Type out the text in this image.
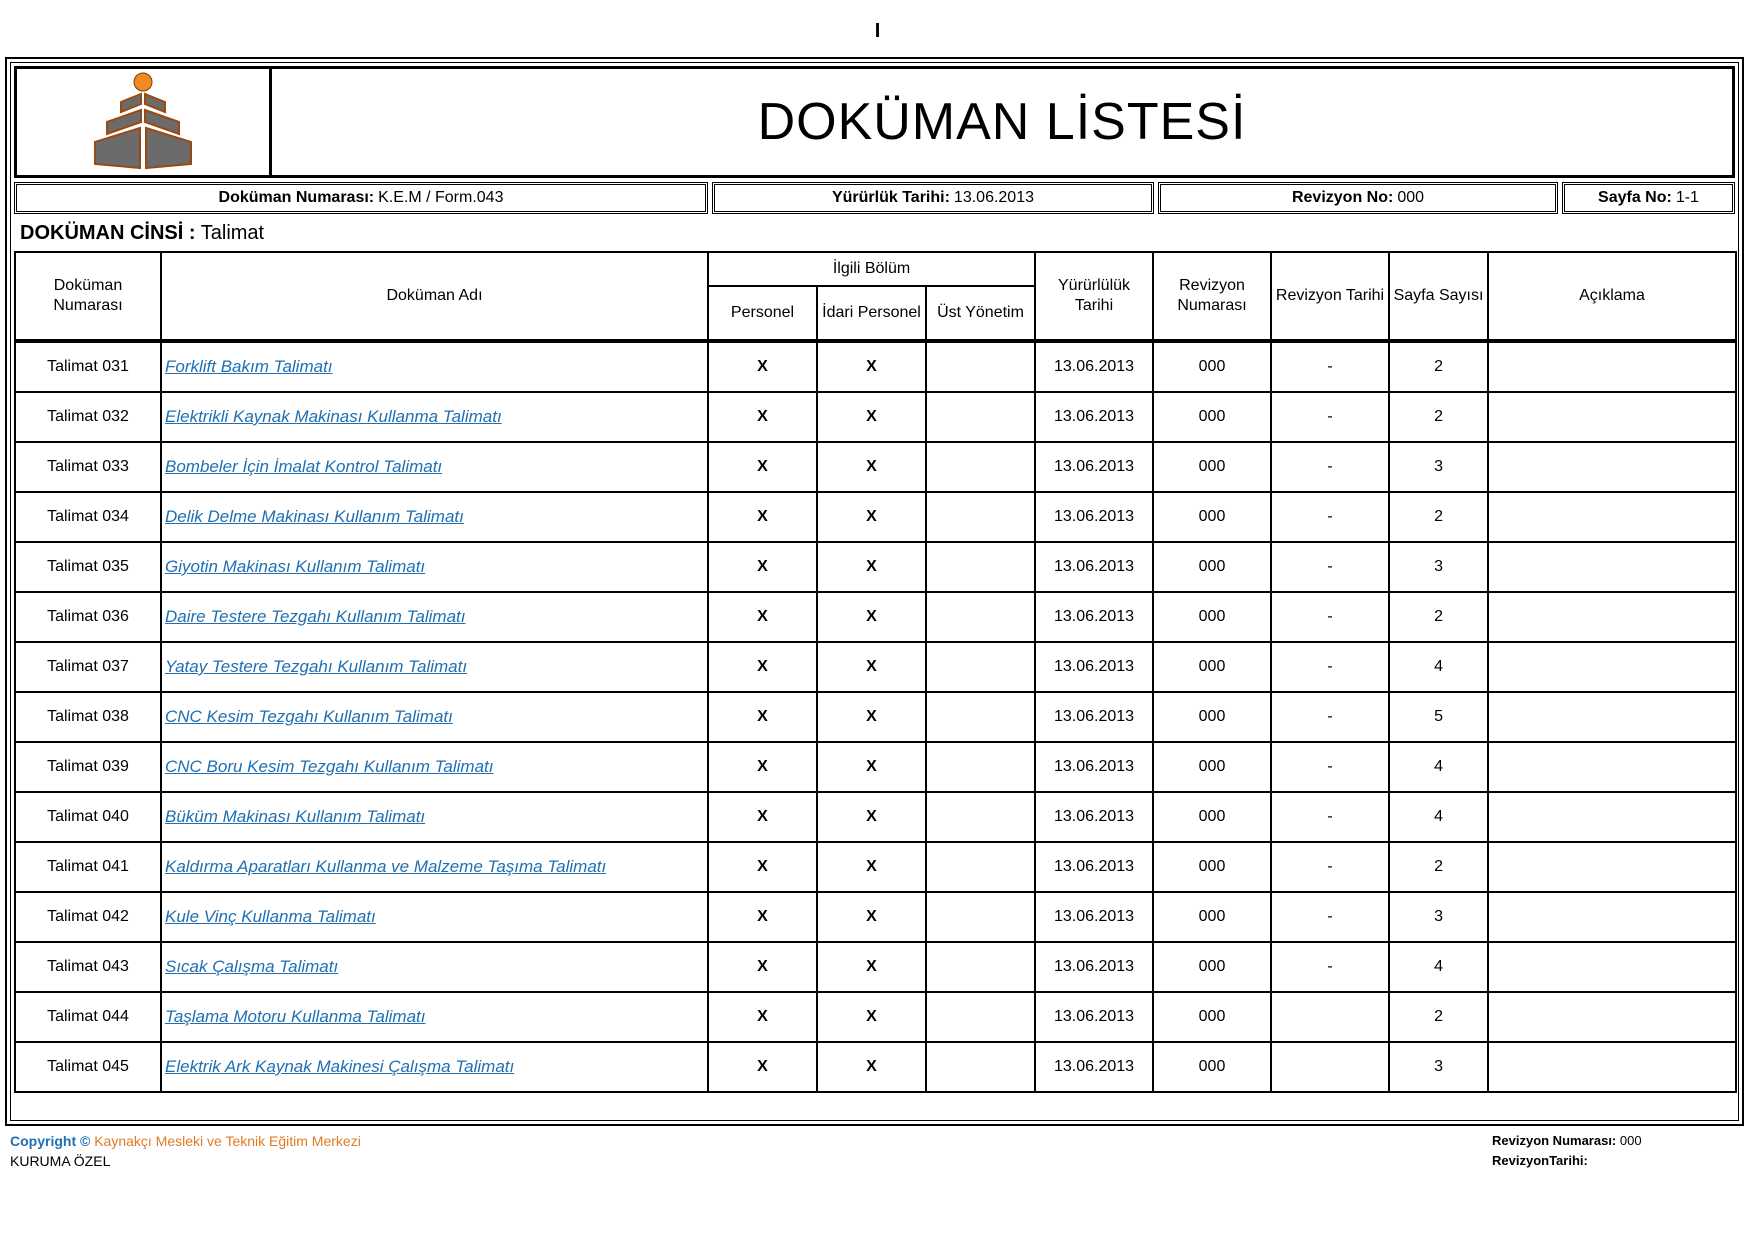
I
DOKÜMAN LİSTESİ
Doküman Numarası: K.E.M / Form.043	Yürürlük Tarihi: 13.06.2013	Revizyon No: 000	Sayfa No: 1-1
DOKÜMAN CİNSİ : Talimat
Doküman Numarası	Doküman Adı	İlgili Bölüm			Yürürlülük Tarihi	Revizyon Numarası	Revizyon Tarihi	Sayfa Sayısı	Açıklama
		Personel	İdari Personel	Üst Yönetim					
Talimat 031	Forklift Bakım Talimatı	X	X		13.06.2013	000	-	2	
Talimat 032	Elektrikli Kaynak Makinası Kullanma Talimatı	X	X		13.06.2013	000	-	2	
Talimat 033	Bombeler İçin İmalat Kontrol Talimatı	X	X		13.06.2013	000	-	3	
Talimat 034	Delik Delme Makinası Kullanım Talimatı	X	X		13.06.2013	000	-	2	
Talimat 035	Giyotin Makinası Kullanım Talimatı	X	X		13.06.2013	000	-	3	
Talimat 036	Daire Testere Tezgahı Kullanım Talimatı	X	X		13.06.2013	000	-	2	
Talimat 037	Yatay Testere Tezgahı Kullanım Talimatı	X	X		13.06.2013	000	-	4	
Talimat 038	CNC Kesim Tezgahı Kullanım Talimatı	X	X		13.06.2013	000	-	5	
Talimat 039	CNC Boru Kesim Tezgahı Kullanım Talimatı	X	X		13.06.2013	000	-	4	
Talimat 040	Büküm Makinası Kullanım Talimatı	X	X		13.06.2013	000	-	4	
Talimat 041	Kaldırma Aparatları Kullanma ve Malzeme Taşıma Talimatı	X	X		13.06.2013	000	-	2	
Talimat 042	Kule Vinç Kullanma Talimatı	X	X		13.06.2013	000	-	3	
Talimat 043	Sıcak Çalışma Talimatı	X	X		13.06.2013	000	-	4	
Talimat 044	Taşlama Motoru Kullanma Talimatı	X	X		13.06.2013	000		2	
Talimat 045	Elektrik Ark Kaynak Makinesi Çalışma Talimatı	X	X		13.06.2013	000		3	
Copyright © Kaynakçı Mesleki ve Teknik Eğitim Merkezi
KURUMA ÖZEL
Revizyon Numarası: 000
RevizyonTarihi:
